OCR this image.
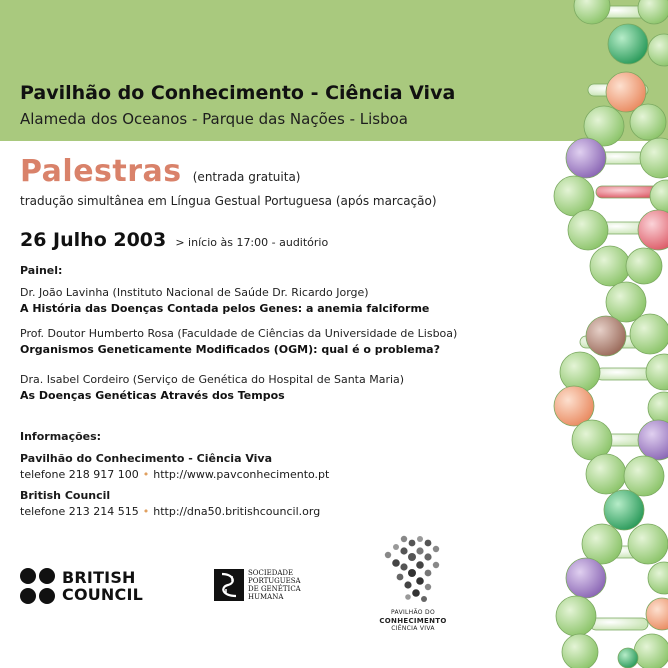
Pavilhão do Conhecimento - Ciência Viva
Alameda dos Oceanos - Parque das Nações - Lisboa
Palestras (entrada gratuita)
tradução simultânea em Língua Gestual Portuguesa (após marcação)
26 Julho 2003 > início às 17:00 - auditório
Painel:
Dr. João Lavinha (Instituto Nacional de Saúde Dr. Ricardo Jorge)
A História das Doenças Contada pelos Genes: a anemia falciforme
Prof. Doutor Humberto Rosa (Faculdade de Ciências da Universidade de Lisboa)
Organismos Geneticamente Modificados (OGM): qual é o problema?
Dra. Isabel Cordeiro (Serviço de Genética do Hospital de Santa Maria)
As Doenças Genéticas Através dos Tempos
Informações:
Pavilhão do Conhecimento - Ciência Viva
telefone 218 917 100 • http://www.pavconhecimento.pt
British Council
telefone 213 214 515 • http://dna50.britishcouncil.org
BRITISH
COUNCIL
SOCIEDADE
PORTUGUESA
DE GENÉTICA
HUMANA
PAVILHÃO DO
CONHECIMENTO
CIÊNCIA VIVA
